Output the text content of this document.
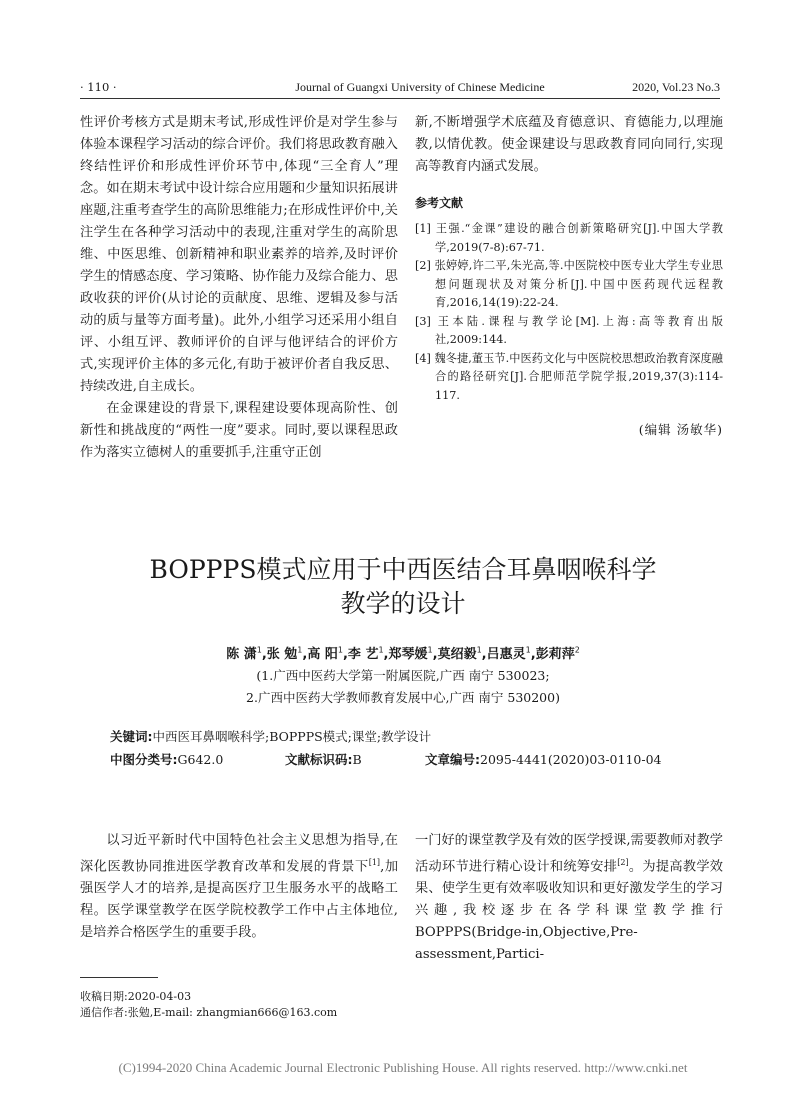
· 110 ·	Journal of Guangxi University of Chinese Medicine	2020, Vol.23 No.3

性评价考核方式是期末考试,形成性评价是对学生参与体验本课程学习活动的综合评价。我们将思政教育融入终结性评价和形成性评价环节中,体现“三全育人”理念。如在期末考试中设计综合应用题和少量知识拓展讲座题,注重考查学生的高阶思维能力;在形成性评价中,关注学生在各种学习活动中的表现,注重对学生的高阶思维、中医思维、创新精神和职业素养的培养,及时评价学生的情感态度、学习策略、协作能力及综合能力、思政收获的评价(从讨论的贡献度、思维、逻辑及参与活动的质与量等方面考量)。此外,小组学习还采用小组自评、小组互评、教师评价的自评与他评结合的评价方式,实现评价主体的多元化,有助于被评价者自我反思、持续改进,自主成长。

在金课建设的背景下,课程建设要体现高阶性、创新性和挑战度的“两性一度”要求。同时,要以课程思政作为落实立德树人的重要抓手,注重守正创

新,不断增强学术底蕴及育德意识、育德能力,以理施教,以情优教。使金课建设与思政教育同向同行,实现高等教育内涵式发展。

参考文献

[1] 王强.“金课”建设的融合创新策略研究[J].中国大学教学,2019(7-8):67-71.

[2] 张婷婷,许二平,朱光高,等.中医院校中医专业大学生专业思想问题现状及对策分析[J].中国中医药现代远程教育,2016,14(19):22-24.

[3] 王本陆.课程与教学论[M].上海:高等教育出版社,2009:144.

[4] 魏冬捷,董玉节.中医药文化与中医院校思想政治教育深度融合的路径研究[J].合肥师范学院学报,2019,37(3):114-117.

(编辑 汤敏华)
BOPPPS模式应用于中西医结合耳鼻咽喉科学
教学的设计
陈 潇$^1$,张 勉$^1$,高 阳$^1$,李 艺$^1$,郑琴媛$^1$,莫绍毅$^1$,吕惠灵$^1$,彭莉萍$^2$
(1.广西中医药大学第一附属医院,广西 南宁 530023;
2.广西中医药大学教师教育发展中心,广西 南宁 530200)
关键词:中西医耳鼻咽喉科学;BOPPPS模式;课堂;教学设计
中图分类号:G642.0	文献标识码:B	文章编号:2095-4441(2020)03-0110-04

以习近平新时代中国特色社会主义思想为指导,在深化医教协同推进医学教育改革和发展的背景下[1],加强医学人才的培养,是提高医疗卫生服务水平的战略工程。医学课堂教学在医学院校教学工作中占主体地位,是培养合格医学生的重要手段。

一门好的课堂教学及有效的医学授课,需要教师对教学活动环节进行精心设计和统筹安排[2]。为提高教学效果、使学生更有效率吸收知识和更好激发学生的学习兴趣,我校逐步在各学科课堂教学推行BOPPPS(Bridge-in,Objective,Pre-assessment,Partici-

收稿日期:2020-04-03
通信作者:张勉,E-mail: zhangmian666@163.com
(C)1994-2020 China Academic Journal Electronic Publishing House. All rights reserved. http://www.cnki.net
